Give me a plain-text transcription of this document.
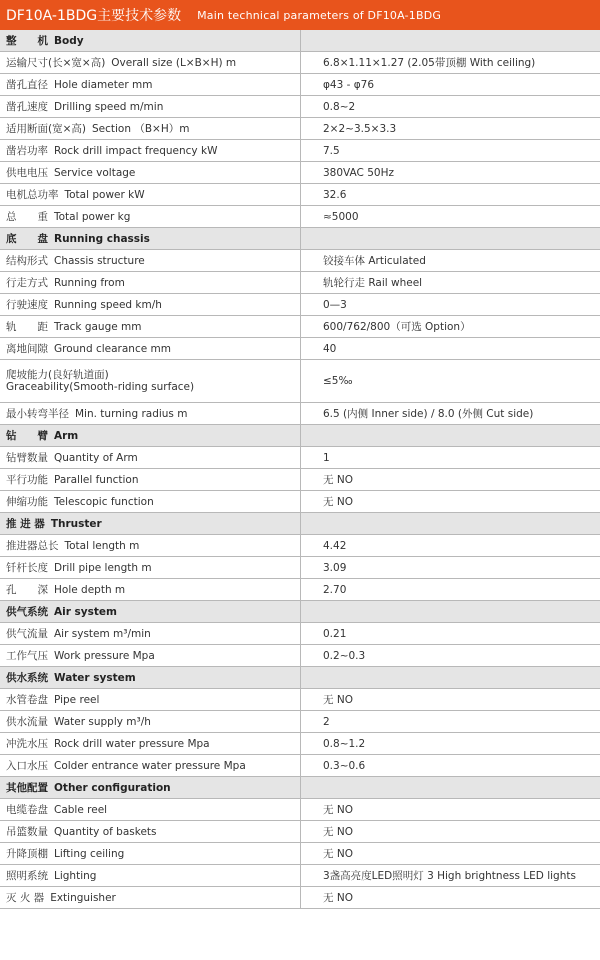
DF10A-1BDG主要技术参数 Main technical parameters of DF10A-1BDG
整　　机 Body	
运输尺寸(长×宽×高) Overall size (L×B×H) m	6.8×1.11×1.27 (2.05带顶棚 With ceiling)
凿孔直径 Hole diameter mm	φ43 - φ76
凿孔速度 Drilling speed m/min	0.8~2
适用断面(宽×高) Section （B×H）m	2×2~3.5×3.3
凿岩功率 Rock drill impact frequency kW	7.5
供电电压 Service voltage	380VAC 50Hz
电机总功率 Total power kW	32.6
总　　重 Total power kg	≈5000
底　　盘 Running chassis	
结构形式 Chassis structure	铰接车体 Articulated
行走方式 Running from	轨轮行走 Rail wheel
行驶速度 Running speed km/h	0—3
轨　　距 Track gauge mm	600/762/800（可选 Option）
离地间隙 Ground clearance mm	40
爬坡能力(良好轨道面)
Graceability(Smooth-riding surface)	≤5‰
最小转弯半径 Min. turning radius m	6.5 (内侧 Inner side) / 8.0 (外侧 Cut side)
钻　　臂 Arm	
钻臂数量 Quantity of Arm	1
平行功能 Parallel function	无 NO
伸缩功能 Telescopic function	无 NO
推 进 器 Thruster	
推进器总长 Total length m	4.42
钎杆长度 Drill pipe length m	3.09
孔　　深 Hole depth m	2.70
供气系统 Air system	
供气流量 Air system m³/min	0.21
工作气压 Work pressure Mpa	0.2~0.3
供水系统 Water system	
水管卷盘 Pipe reel	无 NO
供水流量 Water supply m³/h	2
冲洗水压 Rock drill water pressure Mpa	0.8~1.2
入口水压 Colder entrance water pressure Mpa	0.3~0.6
其他配置 Other configuration	
电缆卷盘 Cable reel	无 NO
吊篮数量 Quantity of baskets	无 NO
升降顶棚 Lifting ceiling	无 NO
照明系统 Lighting	3盏高亮度LED照明灯 3 High brightness LED lights
灭 火 器 Extinguisher	无 NO
